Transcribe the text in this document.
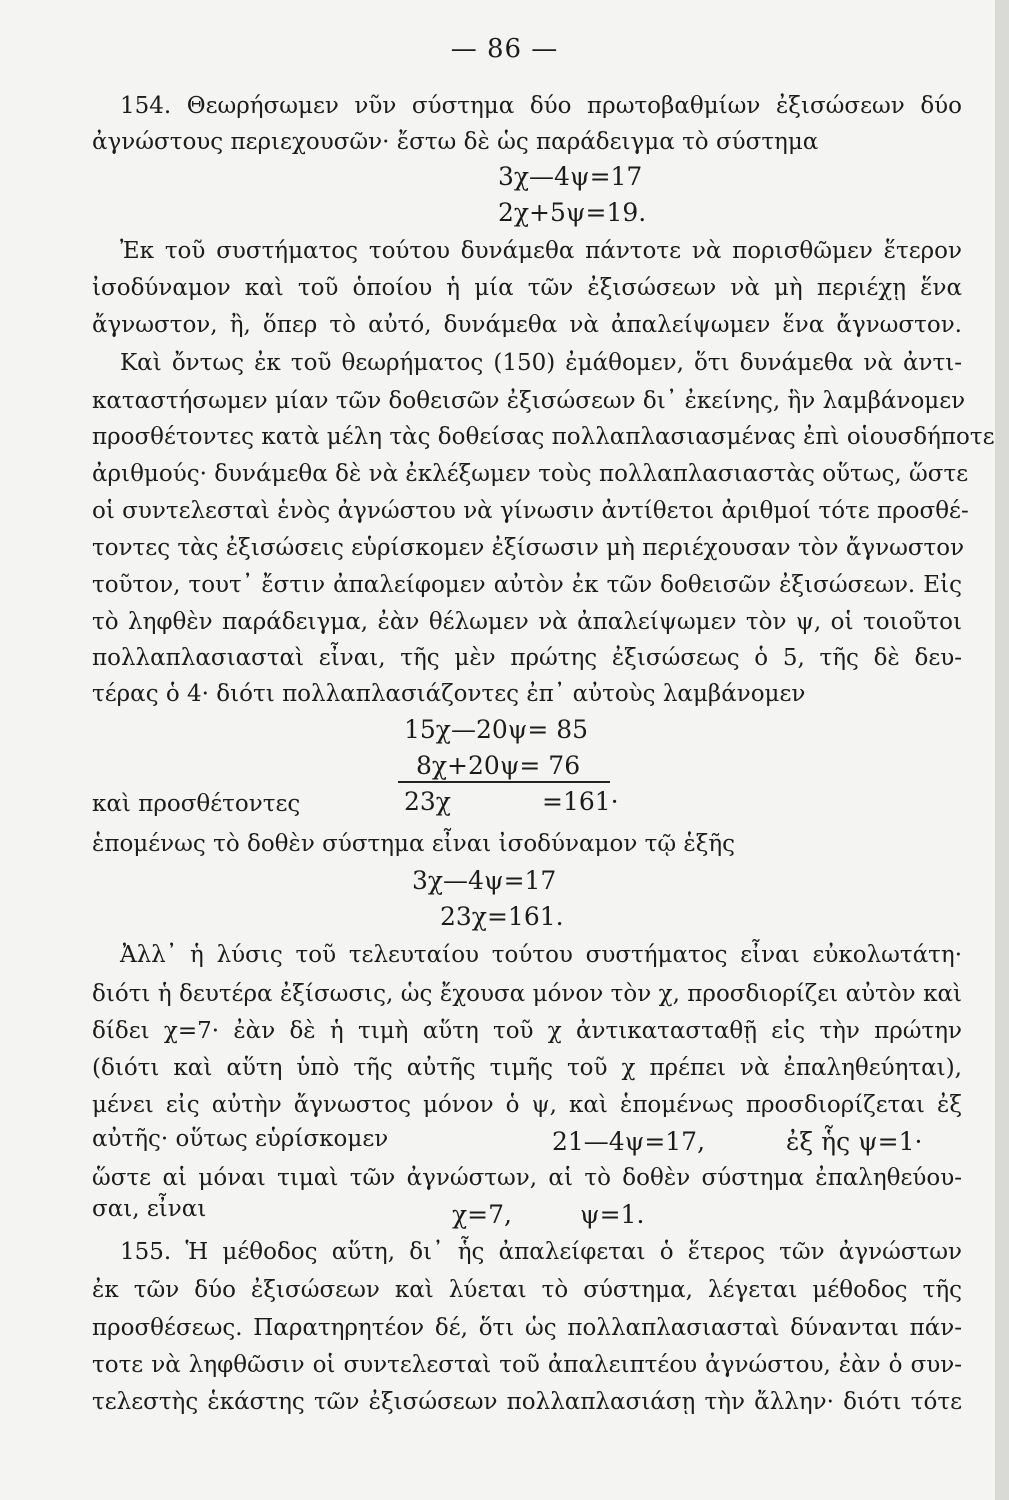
— 86 —
154. Θεωρήσωμεν νῦν σύστημα δύο πρωτοβαθμίων ἐξισώσεων δύο
ἀγνώστους περιεχουσῶν· ἔστω δὲ ὡς παράδειγμα τὸ σύστημα
3χ—4ψ=17
2χ+5ψ=19.
Ἐκ τοῦ συστήματος τούτου δυνάμεθα πάντοτε νὰ πορισθῶμεν ἕτερον
ἰσοδύναμον καὶ τοῦ ὁποίου ἡ μία τῶν ἐξισώσεων νὰ μὴ περιέχῃ ἕνα
ἄγνωστον, ἢ, ὅπερ τὸ αὐτό, δυνάμεθα νὰ ἀπαλείψωμεν ἕνα ἄγνωστον.
Καὶ ὄντως ἐκ τοῦ θεωρήματος (150) ἐμάθομεν, ὅτι δυνάμεθα νὰ ἀντι-
καταστήσωμεν μίαν τῶν δοθεισῶν ἐξισώσεων δι᾽ ἐκείνης, ἣν λαμβάνομεν
προσθέτοντες κατὰ μέλη τὰς δοθείσας πολλαπλασιασμένας ἐπὶ οἱουσδήποτε
ἀριθμούς· δυνάμεθα δὲ νὰ ἐκλέξωμεν τοὺς πολλαπλασιαστὰς οὕτως, ὥστε
οἱ συντελεσταὶ ἑνὸς ἀγνώστου νὰ γίνωσιν ἀντίθετοι ἀριθμοί τότε προσθέ-
τοντες τὰς ἐξισώσεις εὑρίσκομεν ἐξίσωσιν μὴ περιέχουσαν τὸν ἄγνωστον
τοῦτον, τουτ᾽ ἔστιν ἀπαλείφομεν αὐτὸν ἐκ τῶν δοθεισῶν ἐξισώσεων. Εἰς
τὸ ληφθὲν παράδειγμα, ἐὰν θέλωμεν νὰ ἀπαλείψωμεν τὸν ψ, οἱ τοιοῦτοι
πολλαπλασιασταὶ εἶναι, τῆς μὲν πρώτης ἐξισώσεως ὁ 5, τῆς δὲ δευ-
τέρας ὁ 4· διότι πολλαπλασιάζοντες ἐπ᾽ αὐτοὺς λαμβάνομεν
15χ—20ψ= 85
8χ+20ψ= 76
καὶ προσθέτοντες	23χ	=161·
ἑπομένως τὸ δοθὲν σύστημα εἶναι ἰσοδύναμον τῷ ἑξῆς
3χ—4ψ=17
23χ=161.
Ἀλλ᾽ ἡ λύσις τοῦ τελευταίου τούτου συστήματος εἶναι εὐκολωτάτη·
διότι ἡ δευτέρα ἐξίσωσις, ὡς ἔχουσα μόνον τὸν χ, προσδιορίζει αὐτὸν καὶ
δίδει χ=7· ἐὰν δὲ ἡ τιμὴ αὕτη τοῦ χ ἀντικατασταθῇ εἰς τὴν πρώτην
(διότι καὶ αὕτη ὑπὸ τῆς αὐτῆς τιμῆς τοῦ χ πρέπει νὰ ἐπαληθεύηται),
μένει εἰς αὐτὴν ἄγνωστος μόνον ὁ ψ, καὶ ἑπομένως προσδιορίζεται ἐξ
αὐτῆς· οὕτως εὑρίσκομεν	21—4ψ=17,	ἐξ ἧς ψ=1·
ὥστε αἱ μόναι τιμαὶ τῶν ἀγνώστων, αἱ τὸ δοθὲν σύστημα ἐπαληθεύου-
σαι, εἶναι	χ=7,	ψ=1.
155. Ἡ μέθοδος αὕτη, δι᾽ ἧς ἀπαλείφεται ὁ ἕτερος τῶν ἀγνώστων
ἐκ τῶν δύο ἐξισώσεων καὶ λύεται τὸ σύστημα, λέγεται μέθοδος τῆς
προσθέσεως. Παρατηρητέον δέ, ὅτι ὡς πολλαπλασιασταὶ δύνανται πάν-
τοτε νὰ ληφθῶσιν οἱ συντελεσταὶ τοῦ ἀπαλειπτέου ἀγνώστου, ἐὰν ὁ συν-
τελεστὴς ἑκάστης τῶν ἐξισώσεων πολλαπλασιάσῃ τὴν ἄλλην· διότι τότε
